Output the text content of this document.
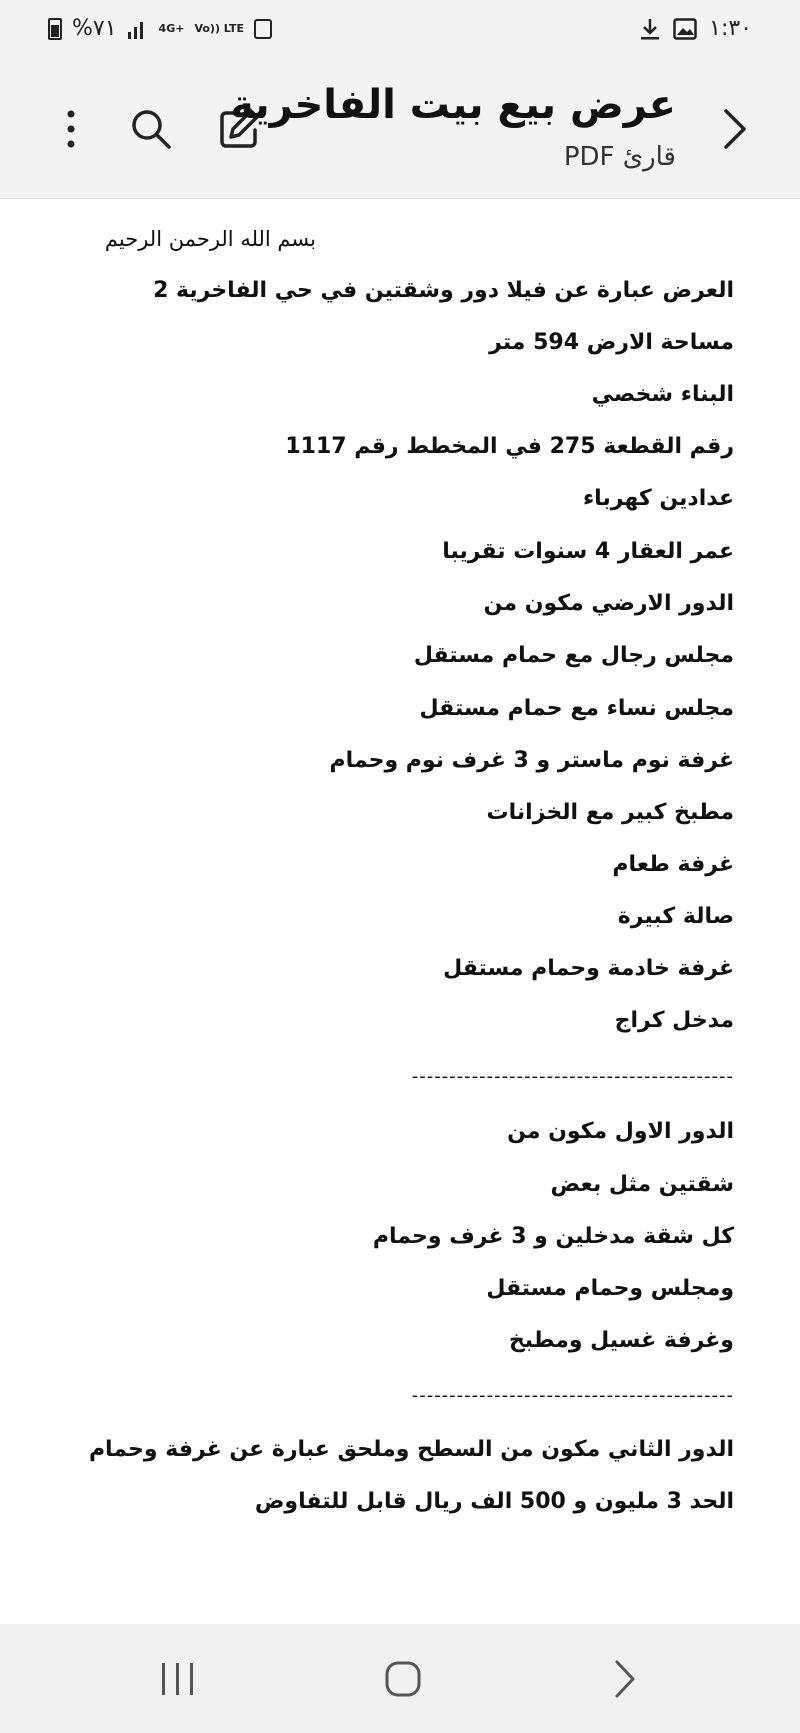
%٧١	4G+ Vo)) LTE	١:٣٠
عرض بيع بيت الفاخرية
قارئ PDF
بسم الله الرحمن الرحيم
العرض عبارة عن فيلا دور وشقتين في حي الفاخرية 2
مساحة الارض 594 متر
البناء شخصي
رقم القطعة 275 في المخطط رقم 1117
عدادين كهرباء
عمر العقار 4 سنوات تقريبا
الدور الارضي مكون من
مجلس رجال مع حمام مستقل
مجلس نساء مع حمام مستقل
غرفة نوم ماستر و 3 غرف نوم وحمام
مطبخ كبير مع الخزانات
غرفة طعام
صالة كبيرة
غرفة خادمة وحمام مستقل
مدخل كراج
-------------------------------------------
الدور الاول مكون من
شقتين مثل بعض
كل شقة مدخلين و 3 غرف وحمام
ومجلس وحمام مستقل
وغرفة غسيل ومطبخ
-------------------------------------------
الدور الثاني مكون من السطح وملحق عبارة عن غرفة وحمام
الحد 3 مليون و 500 الف ريال قابل للتفاوض
